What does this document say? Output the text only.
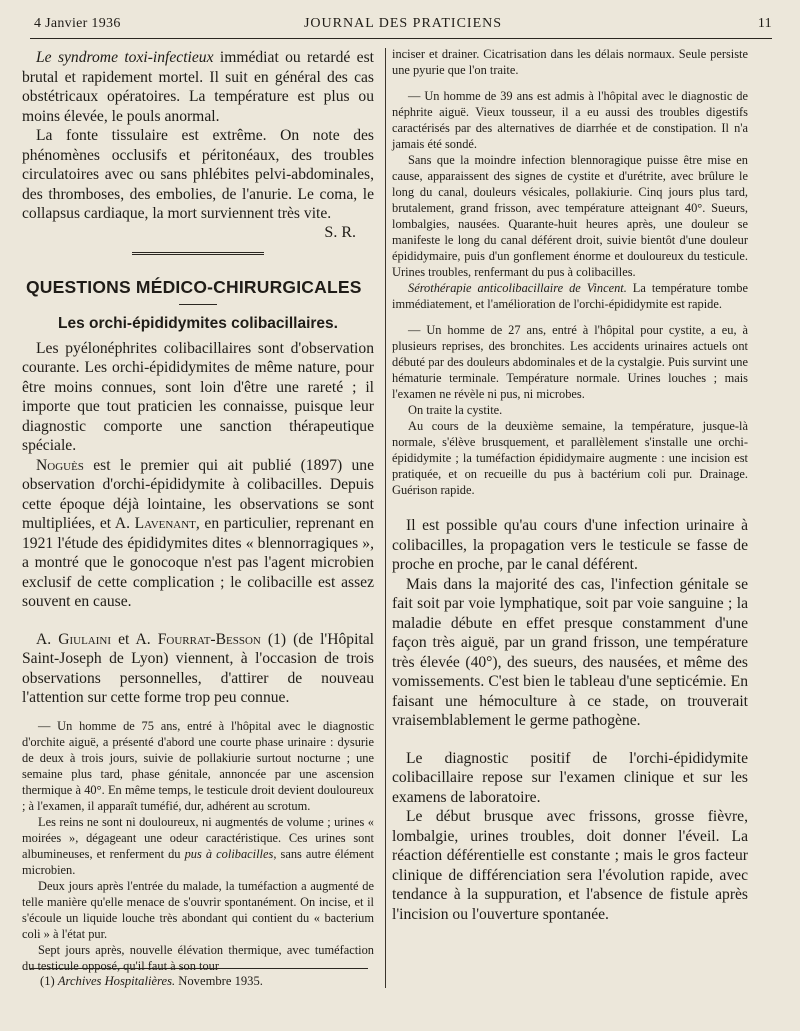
4 Janvier 1936	JOURNAL DES PRATICIENS	11

Le syndrome toxi-infectieux immédiat ou retardé est brutal et rapidement mortel. Il suit en général des cas obstétricaux opératoires. La température est plus ou moins élevée, le pouls anormal.

La fonte tissulaire est extrême. On note des phénomènes occlusifs et péritonéaux, des troubles circulatoires avec ou sans phlébites pelvi-abdominales, des thromboses, des embolies, de l'anurie. Le coma, le collapsus cardiaque, la mort surviennent très vite.

S. R.
QUESTIONS MÉDICO-CHIRURGICALES
Les orchi-épididymites colibacillaires.

Les pyélonéphrites colibacillaires sont d'observation courante. Les orchi-épididymites de même nature, pour être moins connues, sont loin d'être une rareté ; il importe que tout praticien les connaisse, puisque leur diagnostic comporte une sanction thérapeutique spéciale.

Noguès est le premier qui ait publié (1897) une observation d'orchi-épididymite à colibacilles. Depuis cette époque déjà lointaine, les observations se sont multipliées, et A. Lavenant, en particulier, reprenant en 1921 l'étude des épididymites dites « blennorragiques », a montré que le gonocoque n'est pas l'agent microbien exclusif de cette complication ; le colibacille est assez souvent en cause.

A. Giulaini et A. Fourrat-Besson (1) (de l'Hôpital Saint-Joseph de Lyon) viennent, à l'occasion de trois observations personnelles, d'attirer de nouveau l'attention sur cette forme trop peu connue.

— Un homme de 75 ans, entré à l'hôpital avec le diagnostic d'orchite aiguë, a présenté d'abord une courte phase urinaire : dysurie de deux à trois jours, suivie de pollakiurie surtout nocturne ; une semaine plus tard, phase génitale, annoncée par une ascension thermique à 40°. En même temps, le testicule droit devient douloureux ; à l'examen, il apparaît tuméfié, dur, adhérent au scrotum.

Les reins ne sont ni douloureux, ni augmentés de volume ; urines « moirées », dégageant une odeur caractéristique. Ces urines sont albumineuses, et renferment du pus à colibacilles, sans autre élément microbien.

Deux jours après l'entrée du malade, la tuméfaction a augmenté de telle manière qu'elle menace de s'ouvrir spontanément. On incise, et il s'écoule un liquide louche très abondant qui contient du « bacterium coli » à l'état pur.

Sept jours après, nouvelle élévation thermique, avec tuméfaction du testicule opposé, qu'il faut à son tour

(1) Archives Hospitalières. Novembre 1935.

inciser et drainer. Cicatrisation dans les délais normaux. Seule persiste une pyurie que l'on traite.

— Un homme de 39 ans est admis à l'hôpital avec le diagnostic de néphrite aiguë. Vieux tousseur, il a eu aussi des troubles digestifs caractérisés par des alternatives de diarrhée et de constipation. Il n'a jamais été sondé.

Sans que la moindre infection blennoragique puisse être mise en cause, apparaissent des signes de cystite et d'urétrite, avec brûlure le long du canal, douleurs vésicales, pollakiurie. Cinq jours plus tard, brutalement, grand frisson, avec température atteignant 40°. Sueurs, lombalgies, nausées. Quarante-huit heures après, une douleur se manifeste le long du canal déférent droit, suivie bientôt d'une douleur épididymaire, puis d'un gonflement énorme et douloureux du testicule. Urines troubles, renfermant du pus à colibacilles.

Sérothérapie anticolibacillaire de Vincent. La température tombe immédiatement, et l'amélioration de l'orchi-épididymite est rapide.

— Un homme de 27 ans, entré à l'hôpital pour cystite, a eu, à plusieurs reprises, des bronchites. Les accidents urinaires actuels ont débuté par des douleurs abdominales et de la cystalgie. Puis survint une hématurie terminale. Température normale. Urines louches ; mais l'examen ne révèle ni pus, ni microbes.

On traite la cystite.

Au cours de la deuxième semaine, la température, jusque-là normale, s'élève brusquement, et parallèlement s'installe une orchi-épididymite ; la tuméfaction épididymaire augmente : une incision est pratiquée, et on recueille du pus à bactérium coli pur. Drainage. Guérison rapide.

Il est possible qu'au cours d'une infection urinaire à colibacilles, la propagation vers le testicule se fasse de proche en proche, par le canal déférent.

Mais dans la majorité des cas, l'infection génitale se fait soit par voie lymphatique, soit par voie sanguine ; la maladie débute en effet presque constamment d'une façon très aiguë, par un grand frisson, une température très élevée (40°), des sueurs, des nausées, et même des vomissements. C'est bien le tableau d'une septicémie. En faisant une hémoculture à ce stade, on trouverait vraisemblablement le germe pathogène.

Le diagnostic positif de l'orchi-épididymite colibacillaire repose sur l'examen clinique et sur les examens de laboratoire.

Le début brusque avec frissons, grosse fièvre, lombalgie, urines troubles, doit donner l'éveil. La réaction déférentielle est constante ; mais le gros facteur clinique de différenciation sera l'évolution rapide, avec tendance à la suppuration, et l'absence de fistule après l'incision ou l'ouverture spontanée.
